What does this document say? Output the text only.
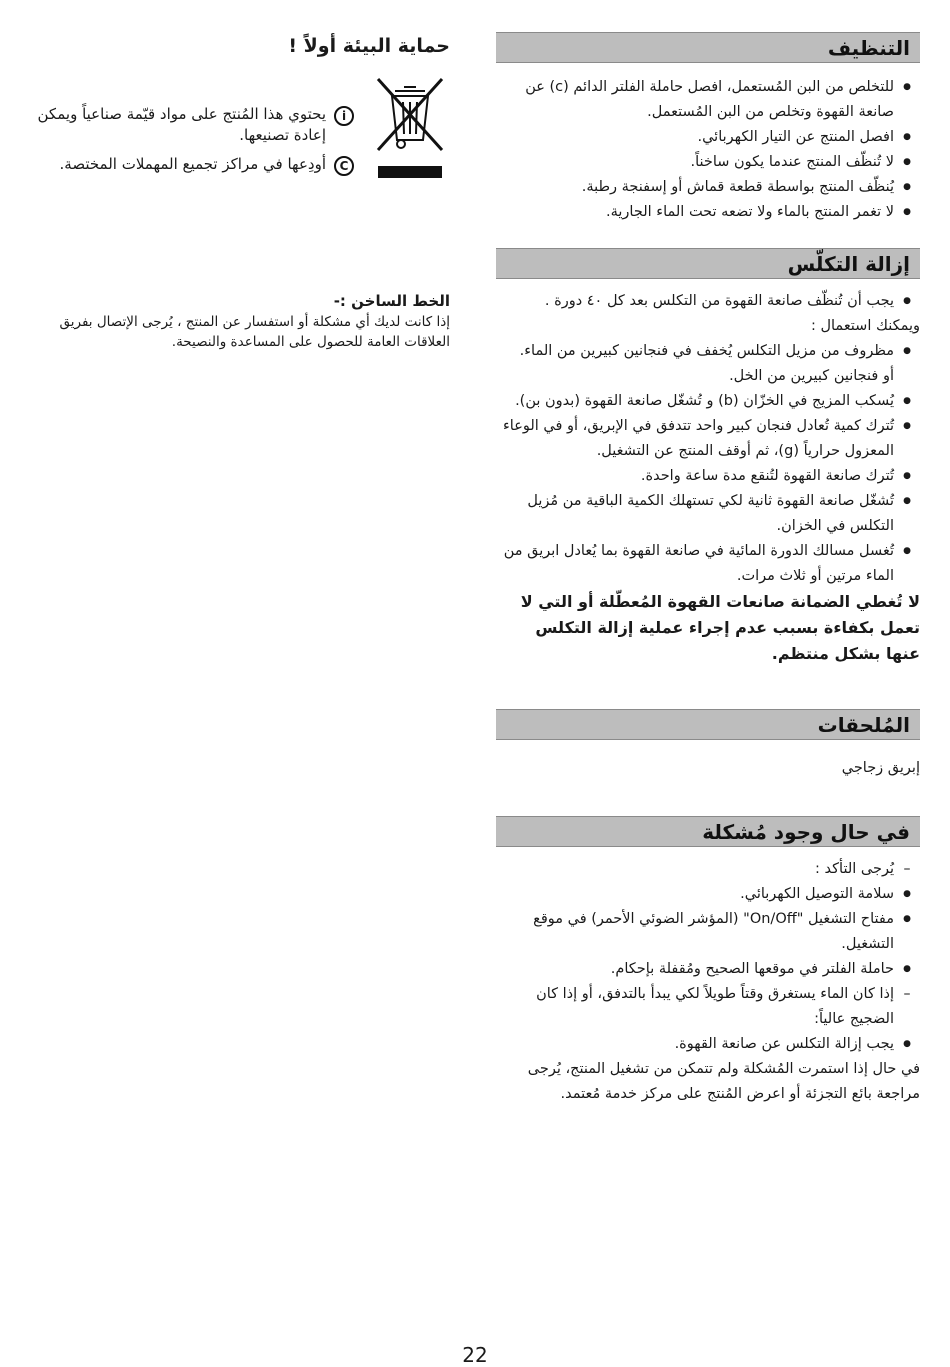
التنظيف
● للتخلص من البن المُستعمل، افصل حاملة الفلتر الدائم (c) عن صانعة القهوة وتخلص من البن المُستعمل.
● افصل المنتج عن التيار الكهربائي.
● لا تُنظّف المنتج عندما يكون ساخناً.
● يُنظّف المنتج بواسطة قطعة قماش أو إسفنجة رطبة.
● لا تغمر المنتج بالماء ولا تضعه تحت الماء الجارية.
إزالة التكلّس
● يجب أن تُنظّف صانعة القهوة من التكلس بعد كل ٤٠ دورة .

ويمكنك استعمال :

● مظروف من مزيل التكلس يُخفف في فنجانين كبيرين من الماء.
أو فنجانين كبيرين من الخل.
● يُسكب المزيج في الخزّان (b) و تُشغّل صانعة القهوة (بدون بن).
● تُترك كمية تُعادل فنجان كبير واحد تتدفق في الإبريق، أو في الوعاء المعزول حرارياً (g)، ثم أوقف المنتج عن التشغيل.
● تُترك صانعة القهوة لتُنقع مدة ساعة واحدة.
● تُشغّل صانعة القهوة ثانية لكي تستهلك الكمية الباقية من مُزيل التكلس في الخزان.
● تُغسل مسالك الدورة المائية في صانعة القهوة بما يُعادل ابريق من الماء مرتين أو ثلاث مرات.

لا تُغطي الضمانة صانعات القهوة المُعطّلة أو التي لا تعمل بكفاءة بسبب عدم إجراء عملية إزالة التكلس عنها بشكل منتظم.

المُلحقات

إبريق زجاجي

في حال وجود مُشكلة
– يُرجى التأكد :
● سلامة التوصيل الكهربائي.
● مفتاح التشغيل "On/Off" (المؤشر الضوئي الأحمر) في موقع التشغيل.
● حاملة الفلتر في موقعها الصحيح ومُقفلة بإحكام.
– إذا كان الماء يستغرق وقتاً طويلاً لكي يبدأ بالتدفق، أو إذا كان الضجيج عالياً:
● يجب إزالة التكلس عن صانعة القهوة.

في حال إذا استمرت المُشكلة ولم تتمكن من تشغيل المنتج، يُرجى مراجعة بائع التجزئة أو اعرض المُنتج على مركز خدمة مُعتمد.

حماية البيئة أولاً !

i
يحتوي هذا المُنتج على مواد قيّمة صناعياً ويمكن إعادة تصنيعها.
C
أودِعها في مراكز تجميع المهملات المختصة.

الخط الساخن :-

إذا كانت لديك أي مشكلة أو استفسار عن المنتج ، يُرجى الإتصال بفريق العلاقات العامة للحصول على المساعدة والنصيحة.

22
